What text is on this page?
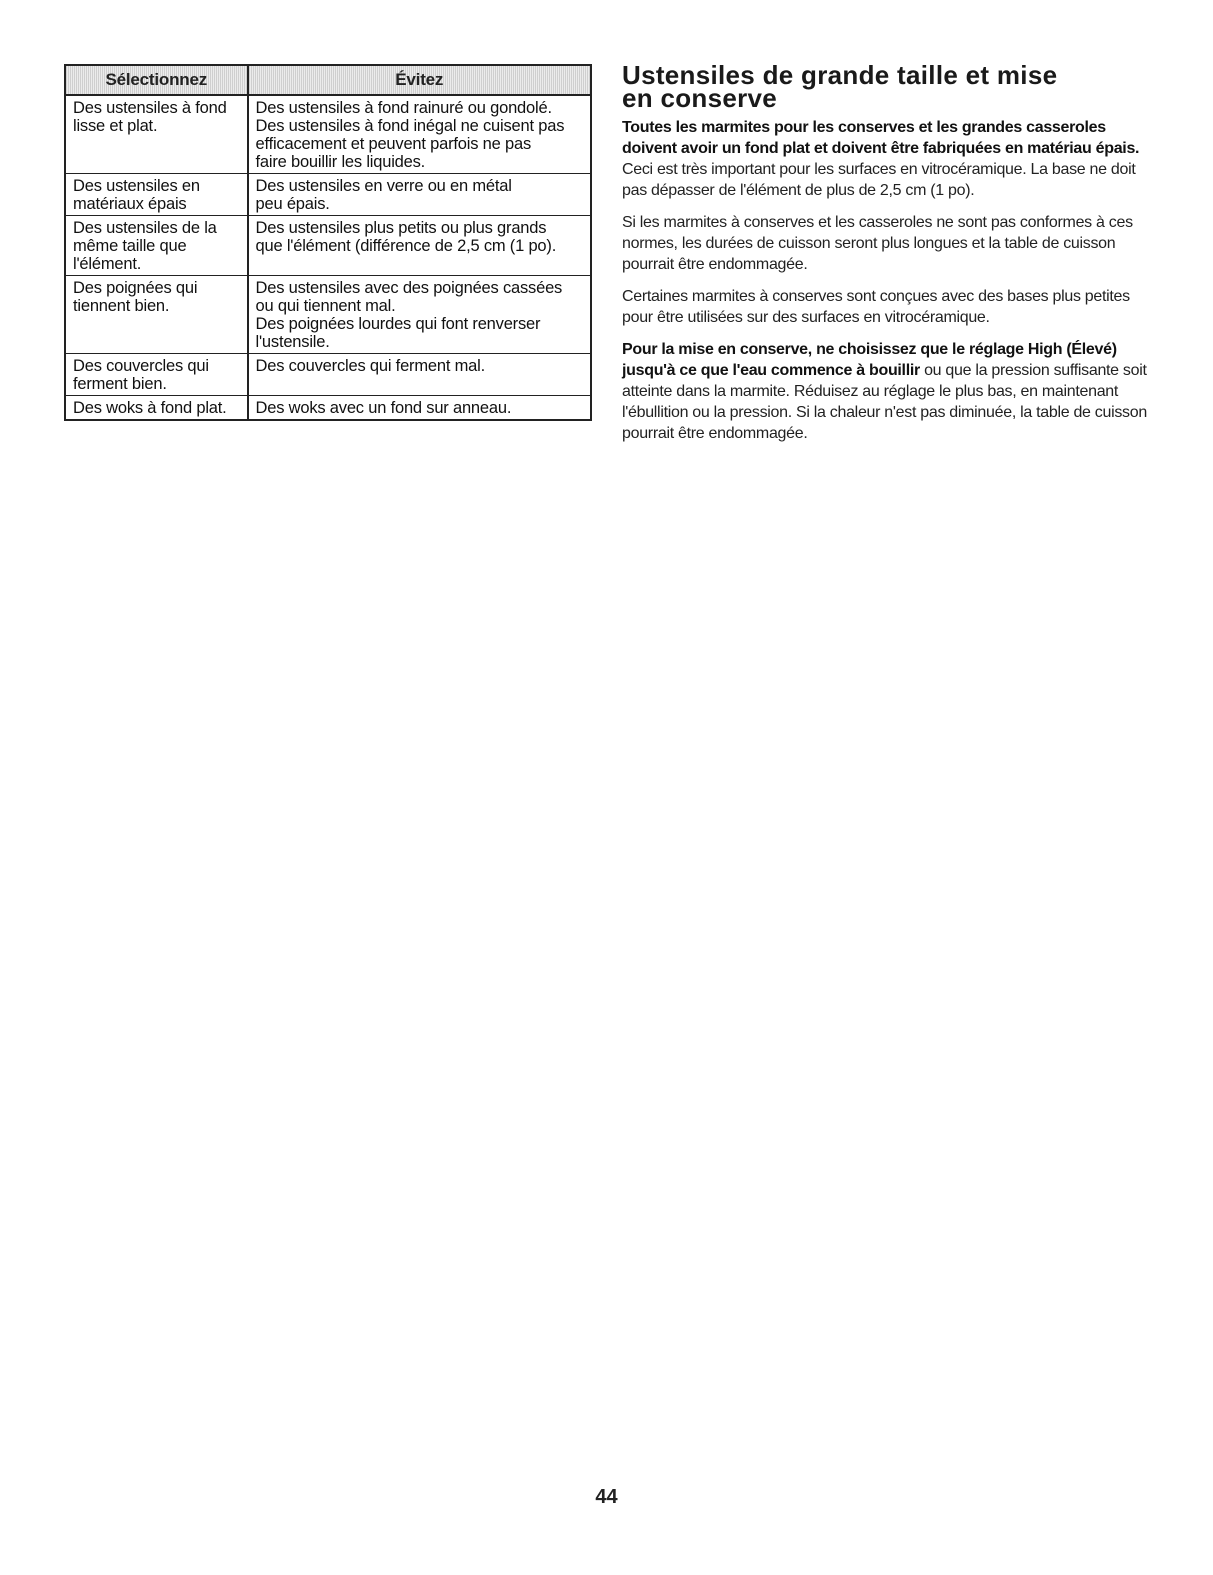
Sélectionnez	Évitez

Des ustensiles à fond
lisse et plat.	Des ustensiles à fond rainuré ou gondolé.
Des ustensiles à fond inégal ne cuisent pas
efficacement et peuvent parfois ne pas
faire bouillir les liquides.

Des ustensiles en
matériaux épais	Des ustensiles en verre ou en métal
peu épais.

Des ustensiles de la
même taille que
l'élément.	Des ustensiles plus petits ou plus grands
que l'élément (différence de 2,5 cm (1 po).

Des poignées qui
tiennent bien.	Des ustensiles avec des poignées cassées
ou qui tiennent mal.
Des poignées lourdes qui font renverser
l'ustensile.

Des couvercles qui
ferment bien.	Des couvercles qui ferment mal.

Des woks à fond plat.	Des woks avec un fond sur anneau.
Ustensiles de grande taille et mise
en conserve

Toutes les marmites pour les conserves et les grandes casseroles doivent avoir un fond plat et doivent être fabriquées en matériau épais. Ceci est très important pour les surfaces en vitrocéramique. La base ne doit pas dépasser de l'élément de plus de 2,5 cm (1 po).

Si les marmites à conserves et les casseroles ne sont pas conformes à ces normes, les durées de cuisson seront plus longues et la table de cuisson pourrait être endommagée.

Certaines marmites à conserves sont conçues avec des bases plus petites pour être utilisées sur des surfaces en vitrocéramique.

Pour la mise en conserve, ne choisissez que le réglage High (Élevé) jusqu'à ce que l'eau commence à bouillir ou que la pression suffisante soit atteinte dans la marmite. Réduisez au réglage le plus bas, en maintenant l'ébullition ou la pression. Si la chaleur n'est pas diminuée, la table de cuisson pourrait être endommagée.

44
